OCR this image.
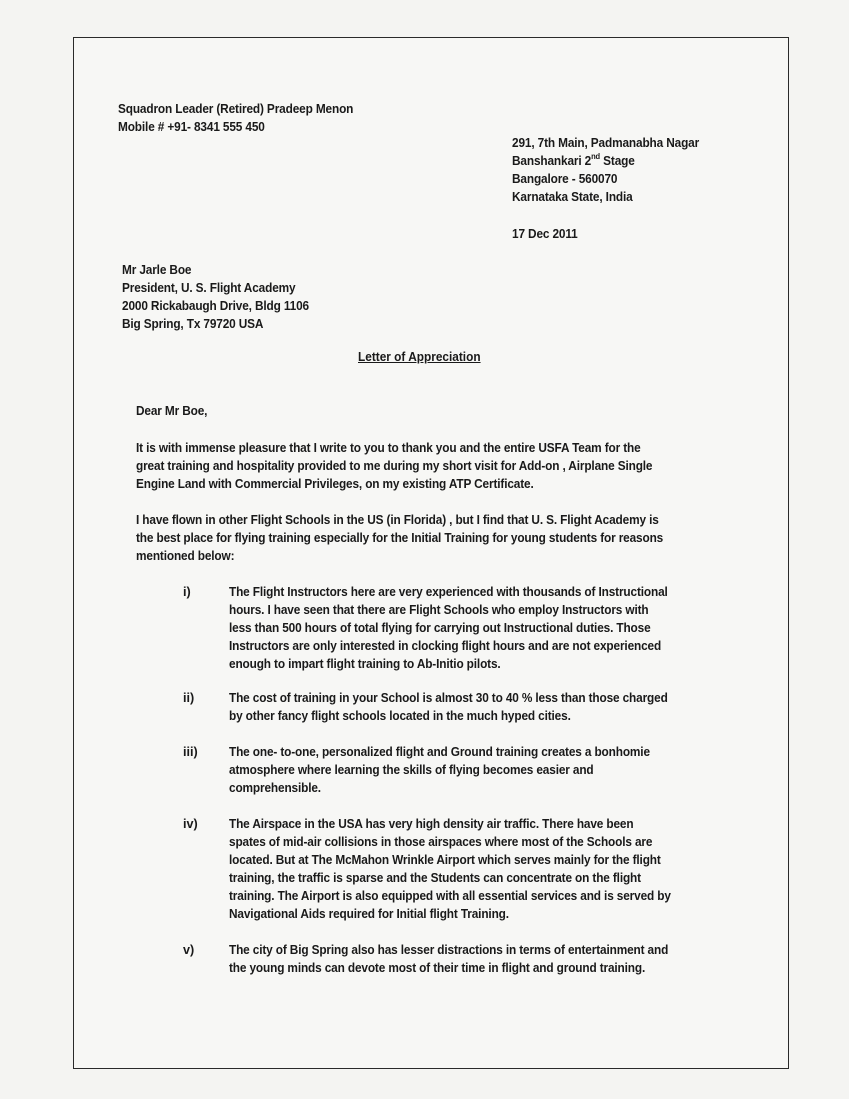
Squadron Leader (Retired) Pradeep Menon
Mobile # +91- 8341 555 450
291, 7th Main, Padmanabha Nagar
Banshankari 2nd Stage
Bangalore - 560070
Karnataka State, India
17 Dec 2011
Mr Jarle Boe
President, U. S. Flight Academy
2000 Rickabaugh Drive, Bldg 1106
Big Spring, Tx 79720 USA
Letter of Appreciation
Dear Mr Boe,
It is with immense pleasure that I write to you to thank you and the entire USFA Team for the
great training and hospitality provided to me during my short visit for Add-on , Airplane Single
Engine Land with Commercial Privileges, on my existing ATP Certificate.
I have flown in other Flight Schools in the US (in Florida) , but I find that U. S. Flight Academy is
the best place for flying training especially for the Initial Training for young students for reasons
mentioned below:
i)	The Flight Instructors here are very experienced with thousands of Instructional
hours. I have seen that there are Flight Schools who employ Instructors with
less than 500 hours of total flying for carrying out Instructional duties. Those
Instructors are only interested in clocking flight hours and are not experienced
enough to impart flight training to Ab-Initio pilots.
ii)	The cost of training in your School is almost 30 to 40 % less than those charged
by other fancy flight schools located in the much hyped cities.
iii) The one- to-one, personalized flight and Ground training creates a bonhomie
atmosphere where learning the skills of flying becomes easier and
comprehensible.
iv) The Airspace in the USA has very high density air traffic. There have been
spates of mid-air collisions in those airspaces where most of the Schools are
located. But at The McMahon Wrinkle Airport which serves mainly for the flight
training, the traffic is sparse and the Students can concentrate on the flight
training. The Airport is also equipped with all essential services and is served by
Navigational Aids required for Initial flight Training.
v)	The city of Big Spring also has lesser distractions in terms of entertainment and
the young minds can devote most of their time in flight and ground training.
